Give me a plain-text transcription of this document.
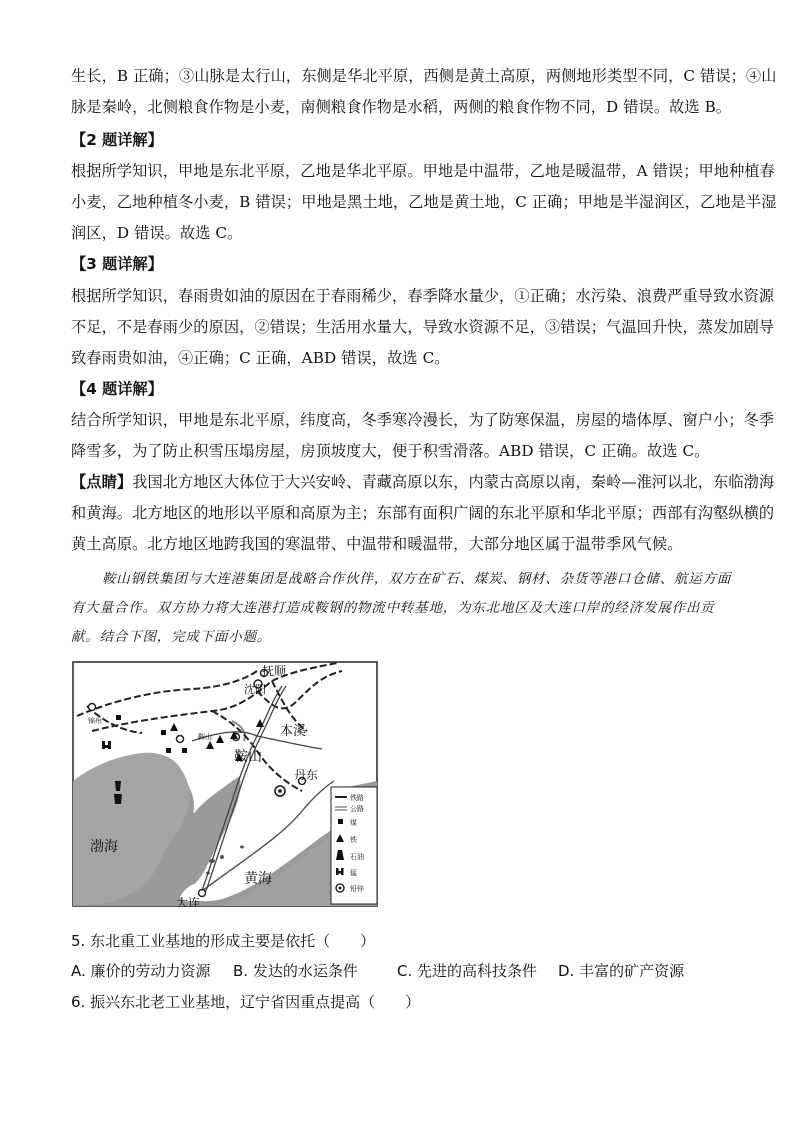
生长，B 正确；③山脉是太行山，东侧是华北平原，西侧是黄土高原，两侧地形类型不同，C 错误；④山
脉是秦岭，北侧粮食作物是小麦，南侧粮食作物是水稻，两侧的粮食作物不同，D 错误。故选 B。
【2 题详解】
根据所学知识，甲地是东北平原，乙地是华北平原。甲地是中温带，乙地是暖温带，A 错误；甲地种植春
小麦，乙地种植冬小麦，B 错误；甲地是黑土地，乙地是黄土地，C 正确；甲地是半湿润区，乙地是半湿
润区，D 错误。故选 C。
【3 题详解】
根据所学知识，春雨贵如油的原因在于春雨稀少，春季降水量少，①正确；水污染、浪费严重导致水资源
不足，不是春雨少的原因，②错误；生活用水量大，导致水资源不足，③错误；气温回升快，蒸发加剧导
致春雨贵如油，④正确；C 正确，ABD 错误，故选 C。
【4 题详解】
结合所学知识，甲地是东北平原，纬度高，冬季寒冷漫长，为了防寒保温，房屋的墙体厚、窗户小；冬季
降雪多，为了防止积雪压塌房屋，房顶坡度大，便于积雪滑落。ABD 错误，C 正确。故选 C。
【点睛】我国北方地区大体位于大兴安岭、青藏高原以东，内蒙古高原以南，秦岭—淮河以北，东临渤海
和黄海。北方地区的地形以平原和高原为主；东部有面积广阔的东北平原和华北平原；西部有沟壑纵横的
黄土高原。北方地区地跨我国的寒温带、中温带和暖温带，大部分地区属于温带季风气候。
鞍山钢铁集团与大连港集团是战略合作伙伴，双方在矿石、煤炭、钢材、杂货等港口仓储、航运方面
有大量合作。双方协力将大连港打造成鞍钢的物流中转基地，为东北地区及大连口岸的经济发展作出贡
献。结合下图，完成下面小题。
抚顺
沈阳
锦州
鞍山
鞍山
本溪
丹东
大连
渤海
黄海
铁路
公路
煤
铁
石油
锰
铅锌
5. 东北重工业基地的形成主要是依托（　　）
A. 廉价的劳动力资源 B. 发达的水运条件	C. 先进的高科技条件 D. 丰富的矿产资源
6. 振兴东北老工业基地，辽宁省因重点提高（　　）
